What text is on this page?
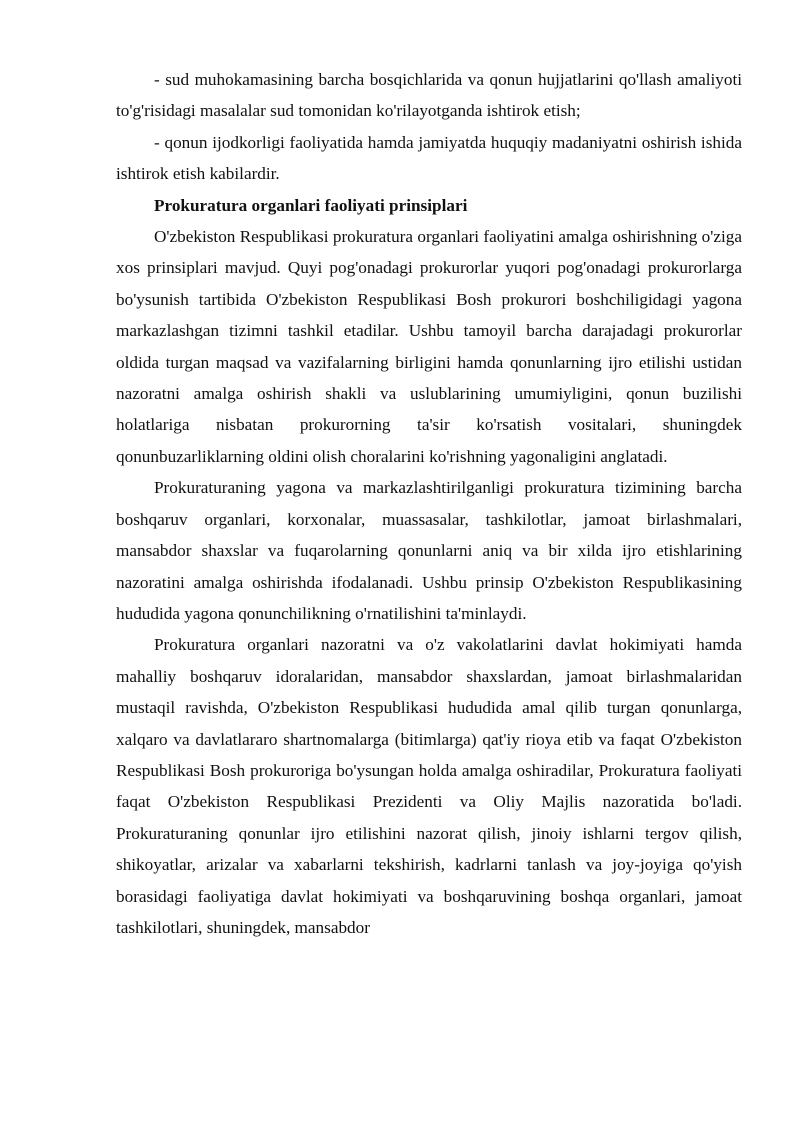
- sud muhokamasining barcha bosqichlarida va qonun hujjatlarini qo'llash amaliyoti to'g'risidagi masalalar sud tomonidan ko'rilayotganda ishtirok etish;

- qonun ijodkorligi faoliyatida hamda jamiyatda huquqiy madaniyatni oshirish ishida ishtirok etish kabilardir.

Prokuratura organlari faoliyati prinsiplari

O'zbekiston Respublikasi prokuratura organlari faoliyatini amalga oshirishning o'ziga xos prinsiplari mavjud. Quyi pog'onadagi prokurorlar yuqori pog'onadagi prokurorlarga bo'ysunish tartibida O'zbekiston Respublikasi Bosh prokurori boshchiligidagi yagona markazlashgan tizimni tashkil etadilar. Ushbu tamoyil barcha darajadagi prokurorlar oldida turgan maqsad va vazifalarning birligini hamda qonunlarning ijro etilishi ustidan nazoratni amalga oshirish shakli va uslublarining umumiyligini, qonun buzilishi holatlariga nisbatan prokurorning ta'sir ko'rsatish vositalari, shuningdek qonunbuzarliklarning oldini olish choralarini ko'rishning yagonaligini anglatadi.

Prokuraturaning yagona va markazlashtirilganligi prokuratura tizimining barcha boshqaruv organlari, korxonalar, muassasalar, tashkilotlar, jamoat birlashmalari, mansabdor shaxslar va fuqarolarning qonunlarni aniq va bir xilda ijro etishlarining nazoratini amalga oshirishda ifodalanadi. Ushbu prinsip O'zbekiston Respublikasining hududida yagona qonunchilikning o'rnatilishini ta'minlaydi.

Prokuratura organlari nazoratni va o'z vakolatlarini davlat hokimiyati hamda mahalliy boshqaruv idoralaridan, mansabdor shaxslardan, jamoat birlashmalaridan mustaqil ravishda, O'zbekiston Respublikasi hududida amal qilib turgan qonunlarga, xalqaro va davlatlararo shartnomalarga (bitimlarga) qat'iy rioya etib va faqat O'zbekiston Respublikasi Bosh prokuroriga bo'ysungan holda amalga oshiradilar, Prokuratura faoliyati faqat O'zbekiston Respublikasi Prezidenti va Oliy Majlis nazoratida bo'ladi. Prokuraturaning qonunlar ijro etilishini nazorat qilish, jinoiy ishlarni tergov qilish, shikoyatlar, arizalar va xabarlarni tekshirish, kadrlarni tanlash va joy-joyiga qo'yish borasidagi faoliyatiga davlat hokimiyati va boshqaruvining boshqa organlari, jamoat tashkilotlari, shuningdek, mansabdor
